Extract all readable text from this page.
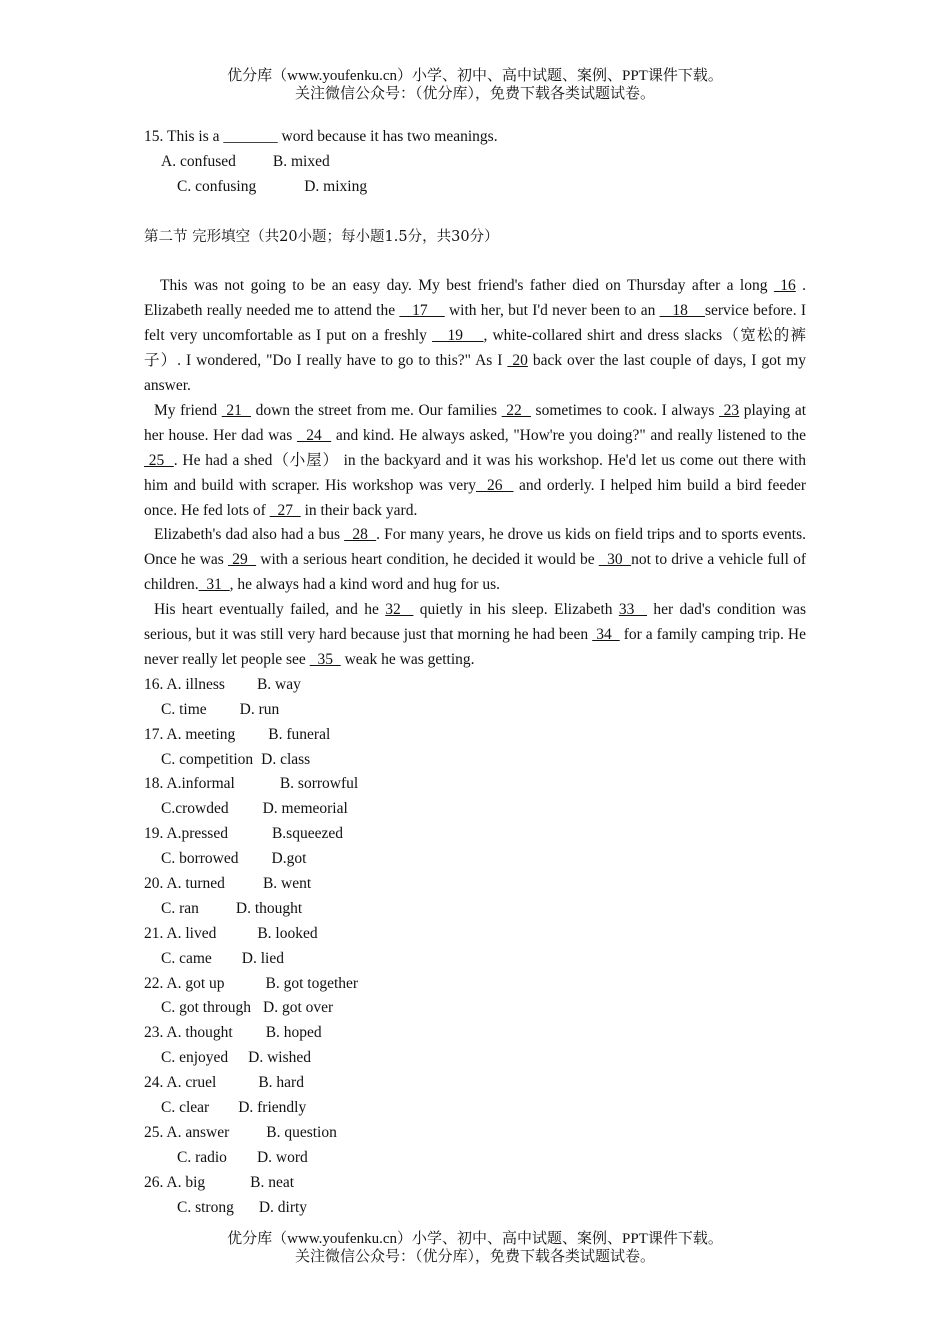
优分库（www.youfenku.cn）小学、初中、高中试题、案例、PPT课件下载。
关注微信公众号：（优分库），免费下载各类试题试卷。
15. This is a _______ word because it has two meanings.
A. confused B. mixed
C. confusing	D. mixing
第二节 完形填空（共20小题；每小题1.5分，共30分）

This was not going to be an easy day. My best friend's father died on Thursday after a long  16 . Elizabeth really needed me to attend the    17     with her, but I'd never been to an    18    service before. I felt very uncomfortable as I put on a freshly    19    , white-collared shirt and dress slacks（宽松的裤子）. I wondered, "Do I really have to go to this?" As I  20 back over the last couple of days, I got my answer.

My friend  21   down the street from me. Our families  22   sometimes to cook. I always  23 playing at her house. Her dad was   24   and kind. He always asked, "How're you doing?" and really listened to the  25  . He had a shed（小屋） in the backyard and it was his workshop. He'd let us come out there with him and build with scraper. His workshop was very  26   and orderly. I helped him build a bird feeder once. He fed lots of   27   in their back yard.

Elizabeth's dad also had a bus   28  . For many years, he drove us kids on field trips and to sports events. Once he was  29   with a serious heart condition, he decided it would be   30  not to drive a vehicle full of children.  31  , he always had a kind word and hug for us.

His heart eventually failed, and he 32   quietly in his sleep. Elizabeth 33   her dad's condition was serious, but it was still very hard because just that morning he had been  34   for a family camping trip. He never really let people see   35   weak he was getting.

16. A. illness B. way
C. time D. run
17. A. meeting B. funeral
C. competition D. class
18. A.informal	B. sorrowful
C.crowded D. memeorial
19. A.pressed	B.squeezed
C. borrowed D.got
20. A. turned B. went
C. ran D. thought
21. A. lived	B. looked
C. came D. lied
22. A. got up	B. got together
C. got through D. got over
23. A. thought B. hoped
C. enjoyed D. wished
24. A. cruel	B. hard
C. clear D. friendly
25. A. answer B. question
C. radio D. word
26. A. big	B. neat
C. strong D. dirty
优分库（www.youfenku.cn）小学、初中、高中试题、案例、PPT课件下载。
关注微信公众号：（优分库），免费下载各类试题试卷。
